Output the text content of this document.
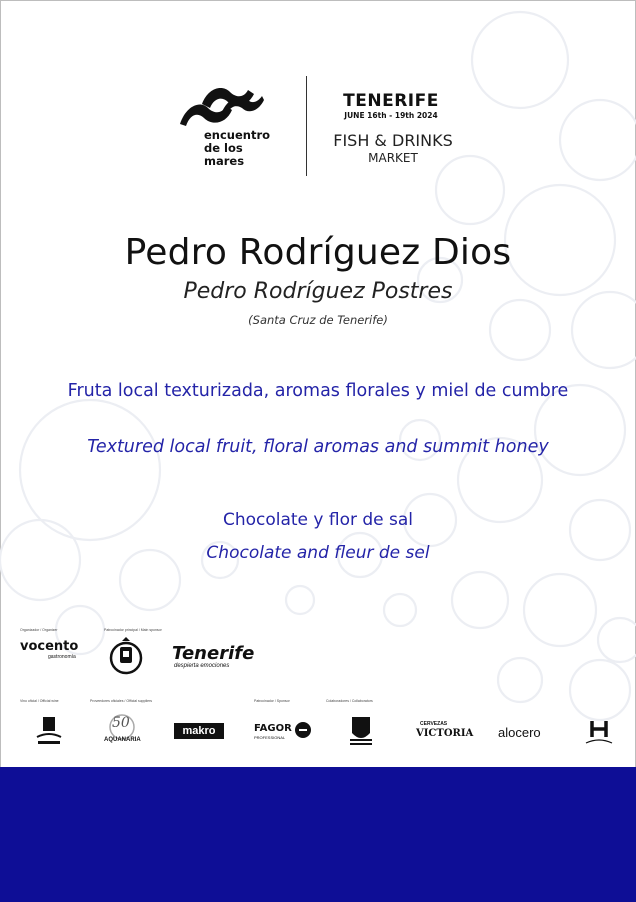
encuentro
de los
mares
TENERIFE
JUNE 16th - 19th 2024
FISH & DRINKS
MARKET
Pedro Rodríguez Dios
Pedro Rodríguez Postres
(Santa Cruz de Tenerife)
Fruta local texturizada, aromas florales y miel de cumbre
Textured local fruit, floral aromas and summit honey
Chocolate y flor de sal
Chocolate and fleur de sel
Organizador / Organizer	Patrocinador principal / Main sponsor
vocento
gastronomía	Tenerife
despierta emociones
Vino oficial / Official wine	Proveedores oficiales / Official suppliers	Patrocinador / Sponsor	Colaboradores / Collaborators
50
AQUANARIA
makro	FAGOR
PROFESSIONAL
CERVEZAS
VICTORIA alocero
